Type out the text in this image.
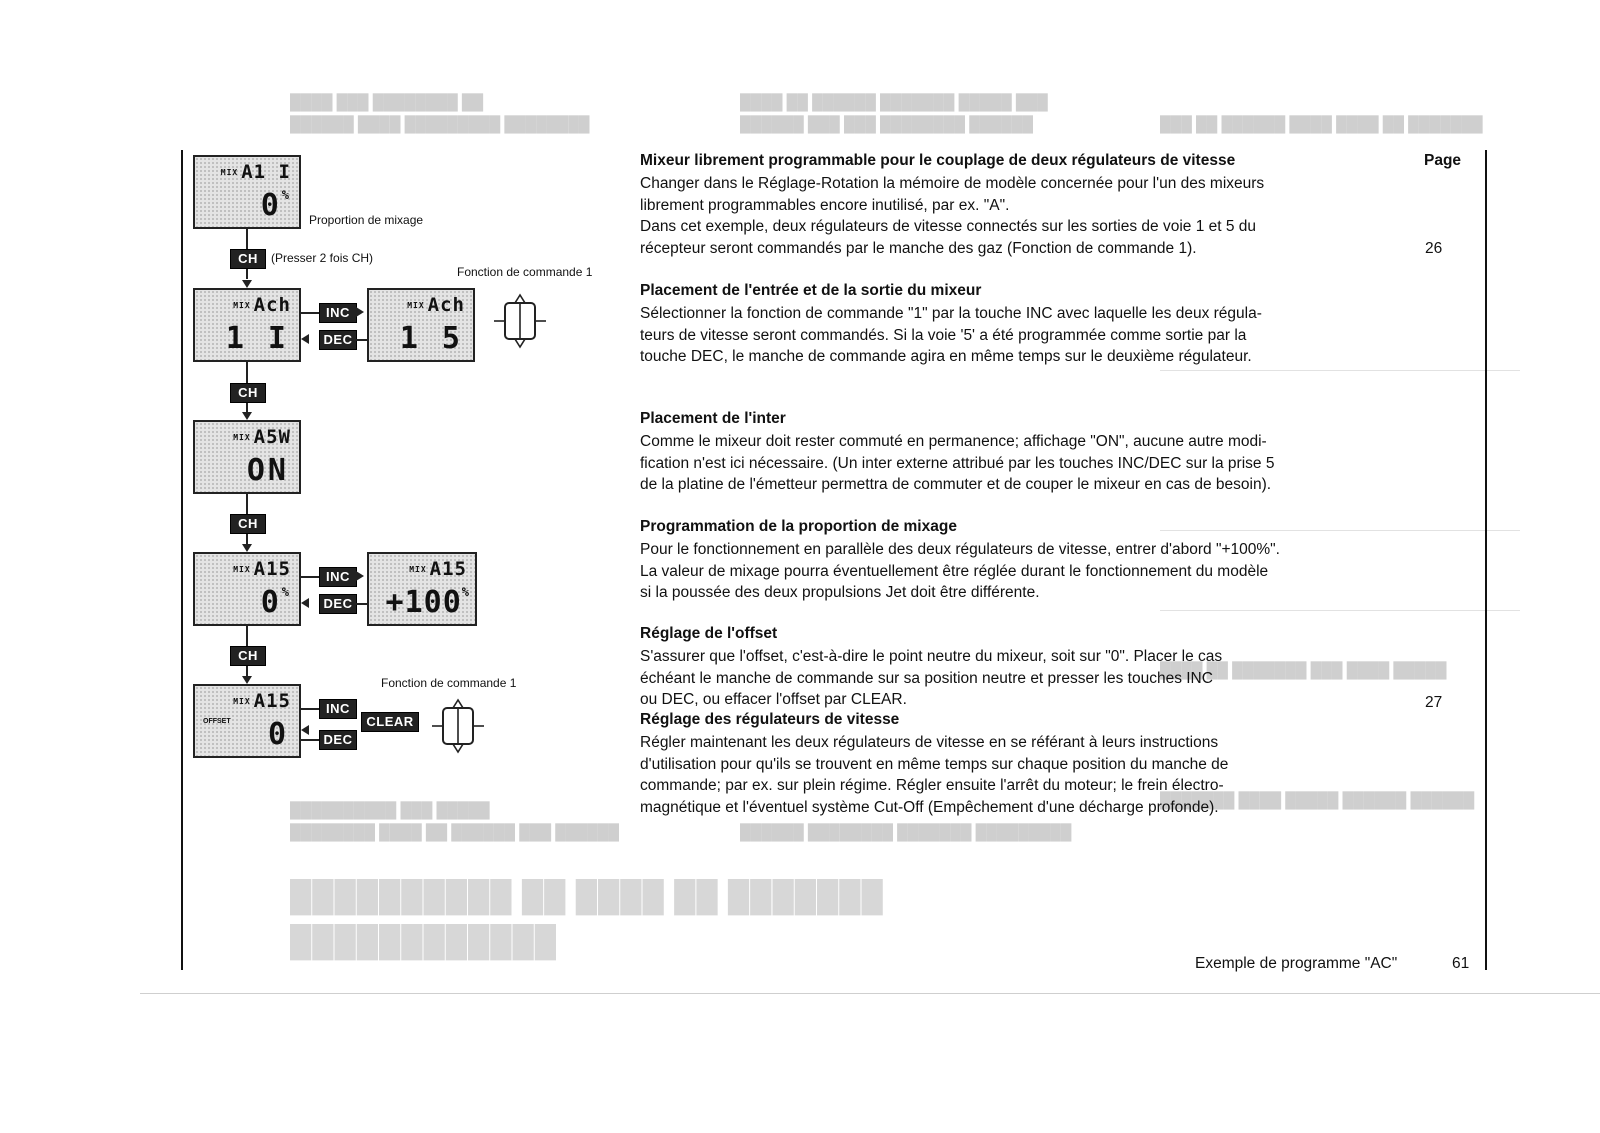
████ ███ ████████ ██
██████ ████ █████████ ████████
████ ██ ██████ ███████ █████ ███
██████ ███ ███ ████████ ██████	███ ██ ██████ ████ ████ ██ ███████
████ ██ ███████ ███ ████ █████
███████ ████ █████ ██████ ██████
██████████ ███ █████
████████ ████ ██ ██████ ███ ██████	██████ ████████ ███████ █████████
██████████ ██ ████ ██ ███████
████████████
MIX A1 I
0%
Proportion de mixage
CH	(Presser 2 fois CH)
Fonction de commande 1
MIX Ach
1 I
INC
DEC
MIX Ach
1 5
CH
MIX A5W
ON
CH
MIX A15
0%
INC
DEC
MIX A15
+100%
CH
Fonction de commande 1
MIX A15
OFFSET 0
INC
CLEAR
DEC
Page
Mixeur librement programmable pour le couplage de deux régulateurs de vitesse
Changer dans le Réglage-Rotation la mémoire de modèle concernée pour l'un des mixeurs
librement programmables encore inutilisé, par ex. "A".
Dans cet exemple, deux régulateurs de vitesse connectés sur les sorties de voie 1 et 5 du
récepteur seront commandés par le manche des gaz (Fonction de commande 1).	26
Placement de l'entrée et de la sortie du mixeur
Sélectionner la fonction de commande "1" par la touche INC avec laquelle les deux régula-
teurs de vitesse seront commandés. Si la voie '5' a été programmée comme sortie par la
touche DEC, le manche de commande agira en même temps sur le deuxième régulateur.
Placement de l'inter
Comme le mixeur doit rester commuté en permanence; affichage "ON", aucune autre modi-
fication n'est ici nécessaire. (Un inter externe attribué par les touches INC/DEC sur la prise 5
de la platine de l'émetteur permettra de commuter et de couper le mixeur en cas de besoin).
Programmation de la proportion de mixage
Pour le fonctionnement en parallèle des deux régulateurs de vitesse, entrer d'abord "+100%".
La valeur de mixage pourra éventuellement être réglée durant le fonctionnement du modèle
si la poussée des deux propulsions Jet doit être différente.
Réglage de l'offset
S'assurer que l'offset, c'est-à-dire le point neutre du mixeur, soit sur "0". Placer le cas
échéant le manche de commande sur sa position neutre et presser les touches INC
ou DEC, ou effacer l'offset par CLEAR.	27
Réglage des régulateurs de vitesse
Régler maintenant les deux régulateurs de vitesse en se référant à leurs instructions
d'utilisation pour qu'ils se trouvent en même temps sur chaque position du manche de
commande; par ex. sur plein régime. Régler ensuite l'arrêt du moteur; le frein électro-
magnétique et l'éventuel système Cut-Off (Empêchement d'une décharge profonde).
Exemple de programme "AC"	61
